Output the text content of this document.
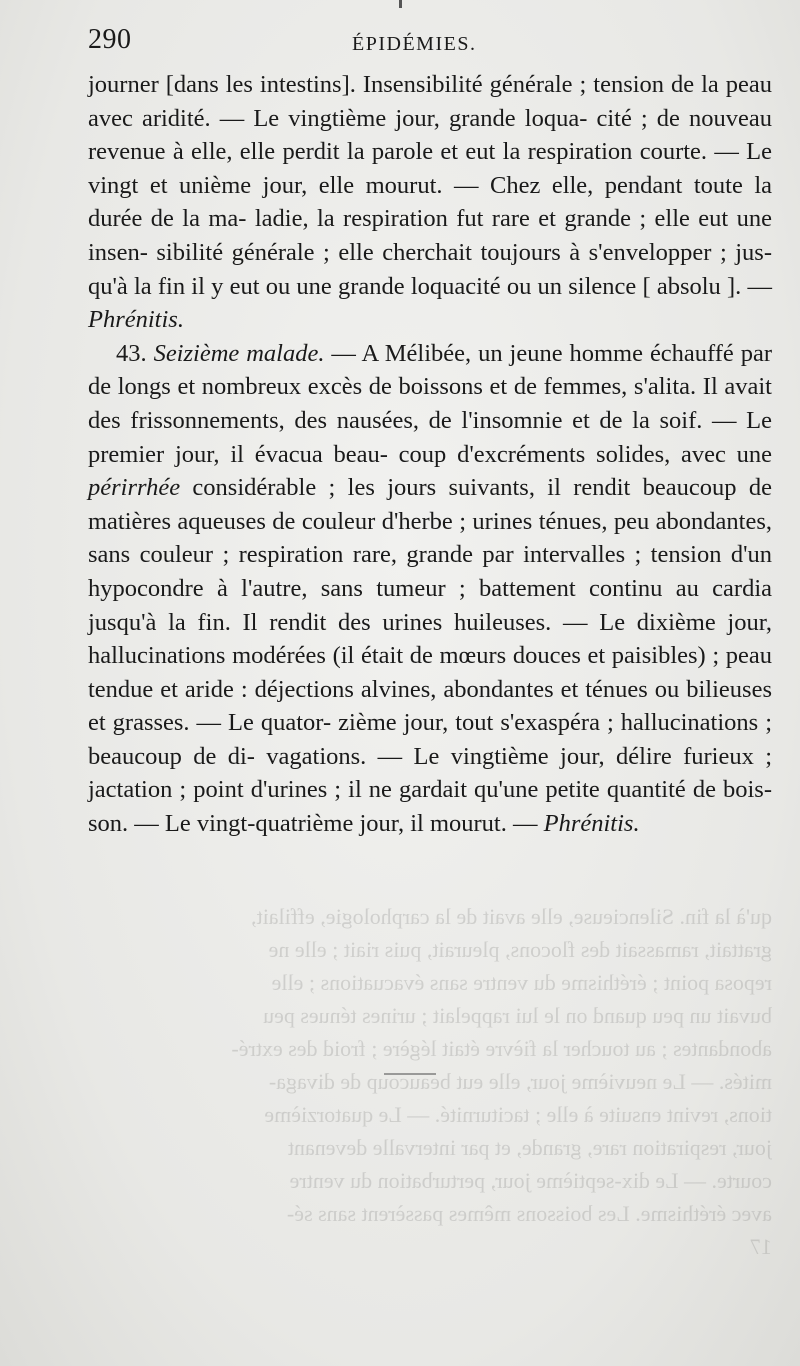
qu'à la fin. Silencieuse, elle avait de la carphologie, effilait,
grattait, ramassait des flocons, pleurait, puis riait ; elle ne
reposa point ; éréthisme du ventre sans évacuations ; elle
buvait un peu quand on le lui rappelait ; urines ténues peu
abondantes ; au toucher la fièvre était légère ; froid des extré-
mités. — Le neuvième jour, elle eut beaucoup de divaga-
tions, revint ensuite à elle ; taciturnité. — Le quatorzième
jour, respiration rare, grande, et par intervalle devenant
courte. — Le dix-septième jour, perturbation du ventre
avec éréthisme. Les boissons mêmes passèrent sans sé-
17
290	ÉPIDÉMIES.

journer [dans les intestins]. Insensibilité générale ; tension de la peau avec aridité. — Le vingtième jour, grande loqua- cité ; de nouveau revenue à elle, elle perdit la parole et eut la respiration courte. — Le vingt et unième jour, elle mourut. — Chez elle, pendant toute la durée de la ma- ladie, la respiration fut rare et grande ; elle eut une insen- sibilité générale ; elle cherchait toujours à s'envelopper ; jus- qu'à la fin il y eut ou une grande loquacité ou un silence [ absolu ]. — Phrénitis.

43. Seizième malade. — A Mélibée, un jeune homme échauffé par de longs et nombreux excès de boissons et de femmes, s'alita. Il avait des frissonnements, des nausées, de l'insomnie et de la soif. — Le premier jour, il évacua beau- coup d'excréments solides, avec une périrrhée considérable ; les jours suivants, il rendit beaucoup de matières aqueuses de couleur d'herbe ; urines ténues, peu abondantes, sans couleur ; respiration rare, grande par intervalles ; tension d'un hypocondre à l'autre, sans tumeur ; battement continu au cardia jusqu'à la fin. Il rendit des urines huileuses. — Le dixième jour, hallucinations modérées (il était de mœurs douces et paisibles) ; peau tendue et aride : déjections alvines, abondantes et ténues ou bilieuses et grasses. — Le quator- zième jour, tout s'exaspéra ; hallucinations ; beaucoup de di- vagations. — Le vingtième jour, délire furieux ; jactation ; point d'urines ; il ne gardait qu'une petite quantité de bois- son. — Le vingt-quatrième jour, il mourut. — Phrénitis.
